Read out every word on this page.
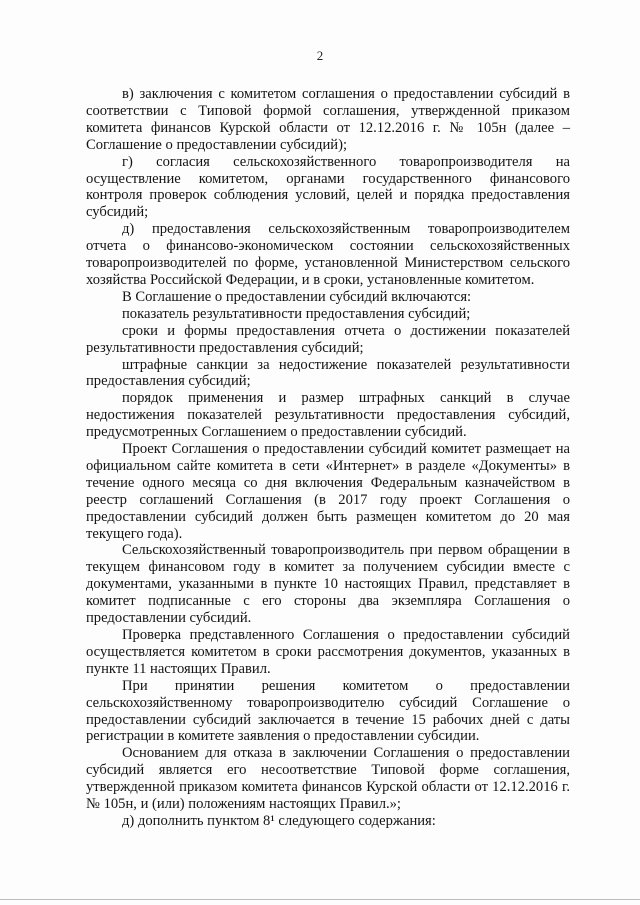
2

в) заключения с комитетом соглашения о предоставлении субсидий в соответствии с Типовой формой соглашения, утвержденной приказом комитета финансов Курской области от 12.12.2016 г. № 105н (далее – Соглашение о предоставлении субсидий);

г) согласия сельскохозяйственного товаропроизводителя на осуществление комитетом, органами государственного финансового контроля проверок соблюдения условий, целей и порядка предоставления субсидий;

д) предоставления сельскохозяйственным товаропроизводителем отчета о финансово-экономическом состоянии сельскохозяйственных товаропроизводителей по форме, установленной Министерством сельского хозяйства Российской Федерации, и в сроки, установленные комитетом.

В Соглашение о предоставлении субсидий включаются:

показатель результативности предоставления субсидий;

сроки и формы предоставления отчета о достижении показателей результативности предоставления субсидий;

штрафные санкции за недостижение показателей результативности предоставления субсидий;

порядок применения и размер штрафных санкций в случае недостижения показателей результативности предоставления субсидий, предусмотренных Соглашением о предоставлении субсидий.

Проект Соглашения о предоставлении субсидий комитет размещает на официальном сайте комитета в сети «Интернет» в разделе «Документы» в течение одного месяца со дня включения Федеральным казначейством в реестр соглашений Соглашения (в 2017 году проект Соглашения о предоставлении субсидий должен быть размещен комитетом до 20 мая текущего года).

Сельскохозяйственный товаропроизводитель при первом обращении в текущем финансовом году в комитет за получением субсидии вместе с документами, указанными в пункте 10 настоящих Правил, представляет в комитет подписанные с его стороны два экземпляра Соглашения о предоставлении субсидий.

Проверка представленного Соглашения о предоставлении субсидий осуществляется комитетом в сроки рассмотрения документов, указанных в пункте 11 настоящих Правил.

При принятии решения комитетом о предоставлении сельскохозяйственному товаропроизводителю субсидий Соглашение о предоставлении субсидий заключается в течение 15 рабочих дней с даты регистрации в комитете заявления о предоставлении субсидии.

Основанием для отказа в заключении Соглашения о предоставлении субсидий является его несоответствие Типовой форме соглашения, утвержденной приказом комитета финансов Курской области от 12.12.2016 г. № 105н, и (или) положениям настоящих Правил.»;

д) дополнить пунктом 8¹ следующего содержания:
